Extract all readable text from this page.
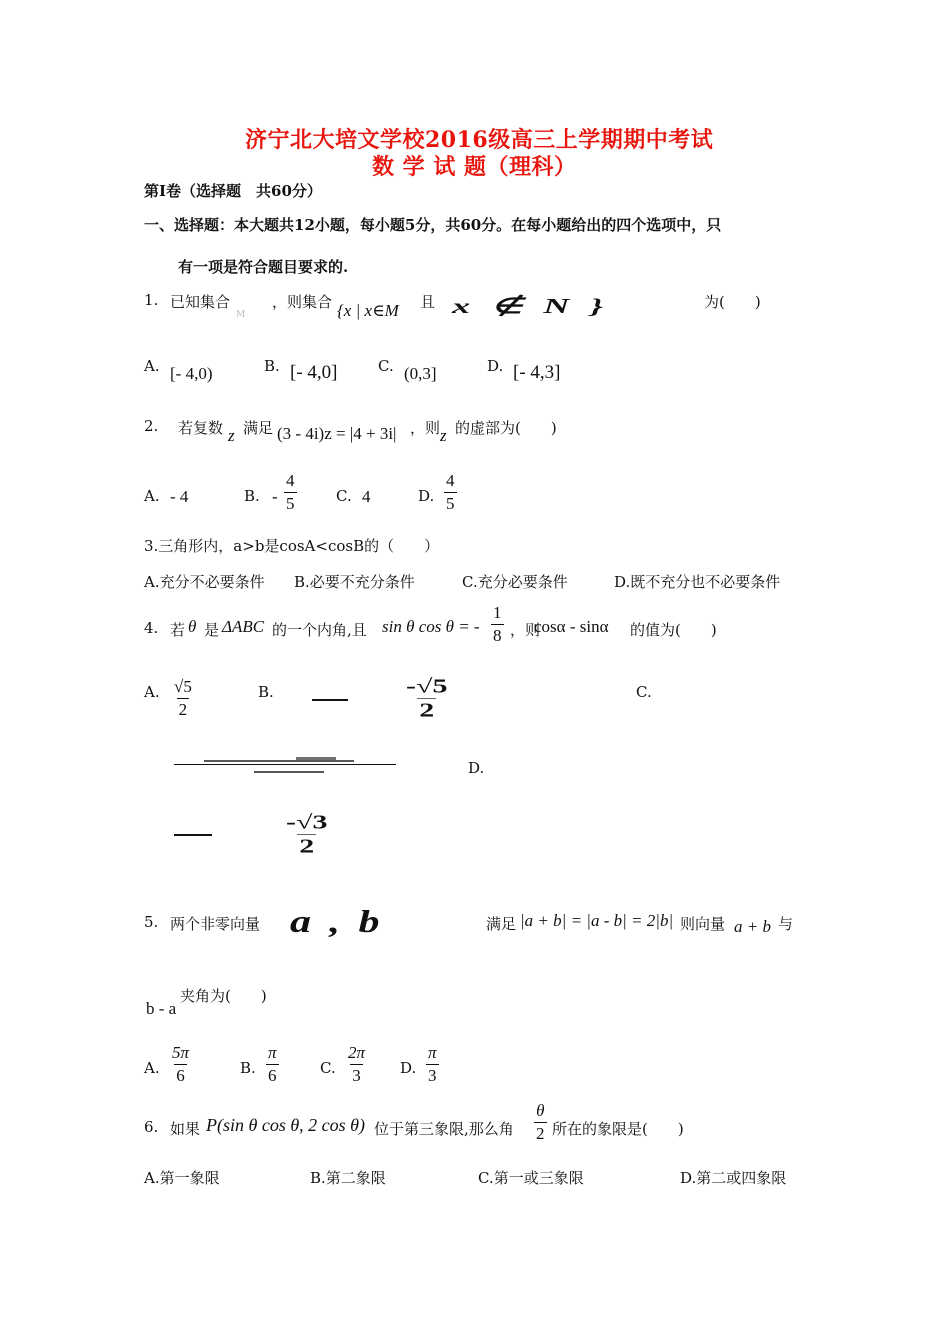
济宁北大培文学校2016级高三上学期期中考试
数 学 试 题（理科）
第Ⅰ卷（选择题　共60分）
一、选择题：本大题共12小题，每小题5分，共60分。在每小题给出的四个选项中，只
有一项是符合题目要求的.
1. 已知集合
M
，则集合 {x | x∈M 且 x ∉ N }	为(　　)
A. [- 4,0)	B. [- 4,0]	C. (0,3]	D. [- 4,3]
2. 若复数 z 满足 (3 - 4i)z = |4 + 3i| ，则 z 的虚部为(　　)
A. - 4	B. - $\frac{4}{5}$	C. 4	D. $\frac{4}{5}$
3.三角形内，a>b是cosA<cosB的（　　）
A.充分不必要条件 B.必要不充分条件	C.充分必要条件	D.既不充分也不必要条件
4. 若 θ 是 ΔABC 的一个内角,且 sin θ cos θ = - $\frac{1}{8}$ ，则
cosα - sinα 的值为(　　)
A. $\frac{√5}{2}$	B.	$\frac{-√5}{2}$	C.
D.
$\frac{-√3}{2}$
5. 两个非零向量 a , b	满足 |a + b| = |a - b| = 2|b| 则向量 a + b 与
b - a
夹角为(　　)
A. $\frac{5\pi}{6}$	B. $\frac{\pi}{6}$	C. $\frac{2\pi}{3} D$. $\frac{\pi}{3}$
6. 如果 P(sin θ cos θ, 2 cos θ) 位于第三象限,那么角 $\frac{\theta}{2}$ 所在的象限是(　　)
A.第一象限	B.第二象限	C.第一或三象限	D.第二或四象限
